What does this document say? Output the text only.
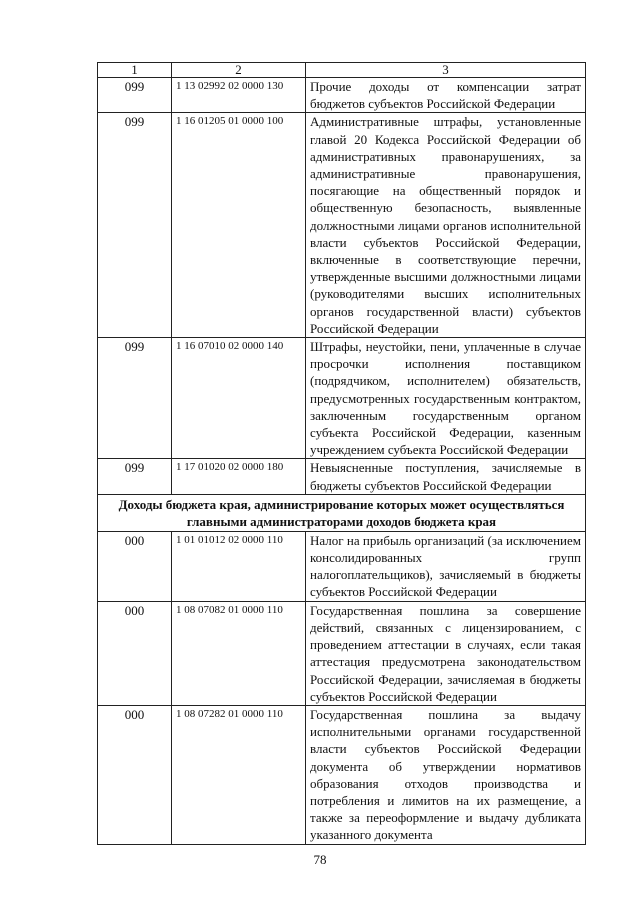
1	2	3
099	1 13 02992 02 0000 130	Прочие доходы от компенсации затрат бюджетов субъектов Российской Федерации
099	1 16 01205 01 0000 100	Административные штрафы, установленные главой 20 Кодекса Российской Федерации об административных правонарушениях, за административные правонарушения, посягающие на общественный порядок и общественную безопасность, выявленные должностными лицами органов исполнительной власти субъектов Российской Федерации, включенные в соответствующие перечни, утвержденные высшими должностными лицами (руководителями высших исполнительных органов государственной власти) субъектов Российской Федерации
099	1 16 07010 02 0000 140	Штрафы, неустойки, пени, уплаченные в случае просрочки исполнения поставщиком (подрядчиком, исполнителем) обязательств, предусмотренных государственным контрактом, заключенным государственным органом субъекта Российской Федерации, казенным учреждением субъекта Российской Федерации
099	1 17 01020 02 0000 180	Невыясненные поступления, зачисляемые в бюджеты субъектов Российской Федерации
Доходы бюджета края, администрирование которых может осуществляться главными администраторами доходов бюджета края		
000	1 01 01012 02 0000 110	Налог на прибыль организаций (за исключением консолидированных групп налогоплательщиков), зачисляемый в бюджеты субъектов Российской Федерации
000	1 08 07082 01 0000 110	Государственная пошлина за совершение действий, связанных с лицензированием, с проведением аттестации в случаях, если такая аттестация предусмотрена законодательством Российской Федерации, зачисляемая в бюджеты субъектов Российской Федерации
000	1 08 07282 01 0000 110	Государственная пошлина за выдачу исполнительными органами государственной власти субъектов Российской Федерации документа об утверждении нормативов образования отходов производства и потребления и лимитов на их размещение, а также за переоформление и выдачу дубликата указанного документа
78
